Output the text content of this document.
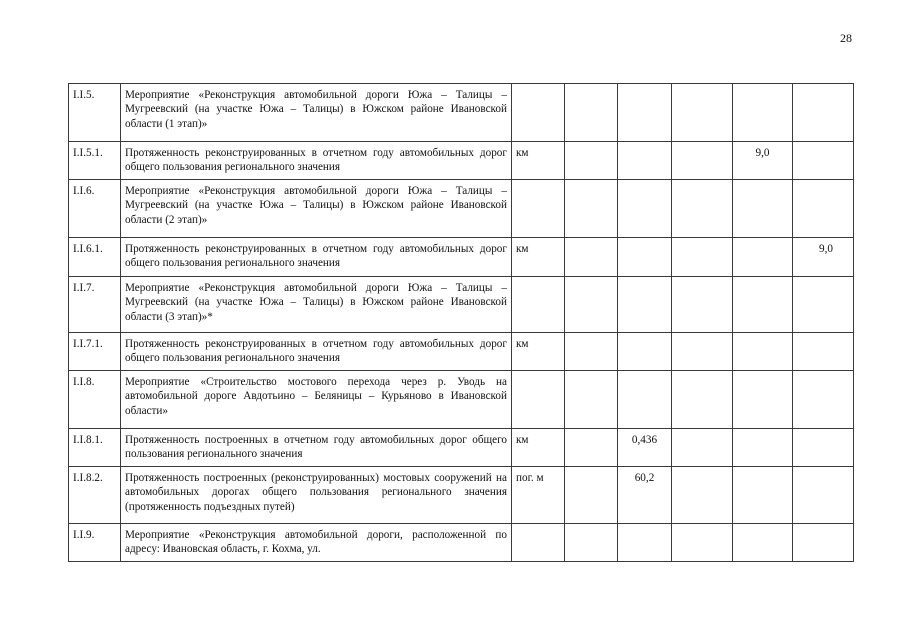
28
I.I.5.	Мероприятие «Реконструкция автомобильной дороги Южа – Талицы – Мугреевский (на участке Южа – Талицы) в Южском районе Ивановской области (1 этап)»						
I.I.5.1.	Протяженность реконструированных в отчетном году автомобильных дорог общего пользования регионального значения	км				9,0	
I.I.6.	Мероприятие «Реконструкция автомобильной дороги Южа – Талицы – Мугреевский (на участке Южа – Талицы) в Южском районе Ивановской области (2 этап)»						
I.I.6.1.	Протяженность реконструированных в отчетном году автомобильных дорог общего пользования регионального значения	км					9,0
I.I.7.	Мероприятие «Реконструкция автомобильной дороги Южа – Талицы – Мугреевский (на участке Южа – Талицы) в Южском районе Ивановской области (3 этап)»*						
I.I.7.1.	Протяженность реконструированных в отчетном году автомобильных дорог общего пользования регионального значения	км					
I.I.8.	Мероприятие «Строительство мостового перехода через р. Уводь на автомобильной дороге Авдотьино – Беляницы – Курьяново в Ивановской области»						
I.I.8.1.	Протяженность построенных в отчетном году автомобильных дорог общего пользования регионального значения	км		0,436			
I.I.8.2.	Протяженность построенных (реконструированных) мостовых сооружений на автомобильных дорогах общего пользования регионального значения (протяженность подъездных путей)	пог. м		60,2			
I.I.9.	Мероприятие «Реконструкция автомобильной дороги, расположенной по адресу: Ивановская область, г. Кохма, ул.						
